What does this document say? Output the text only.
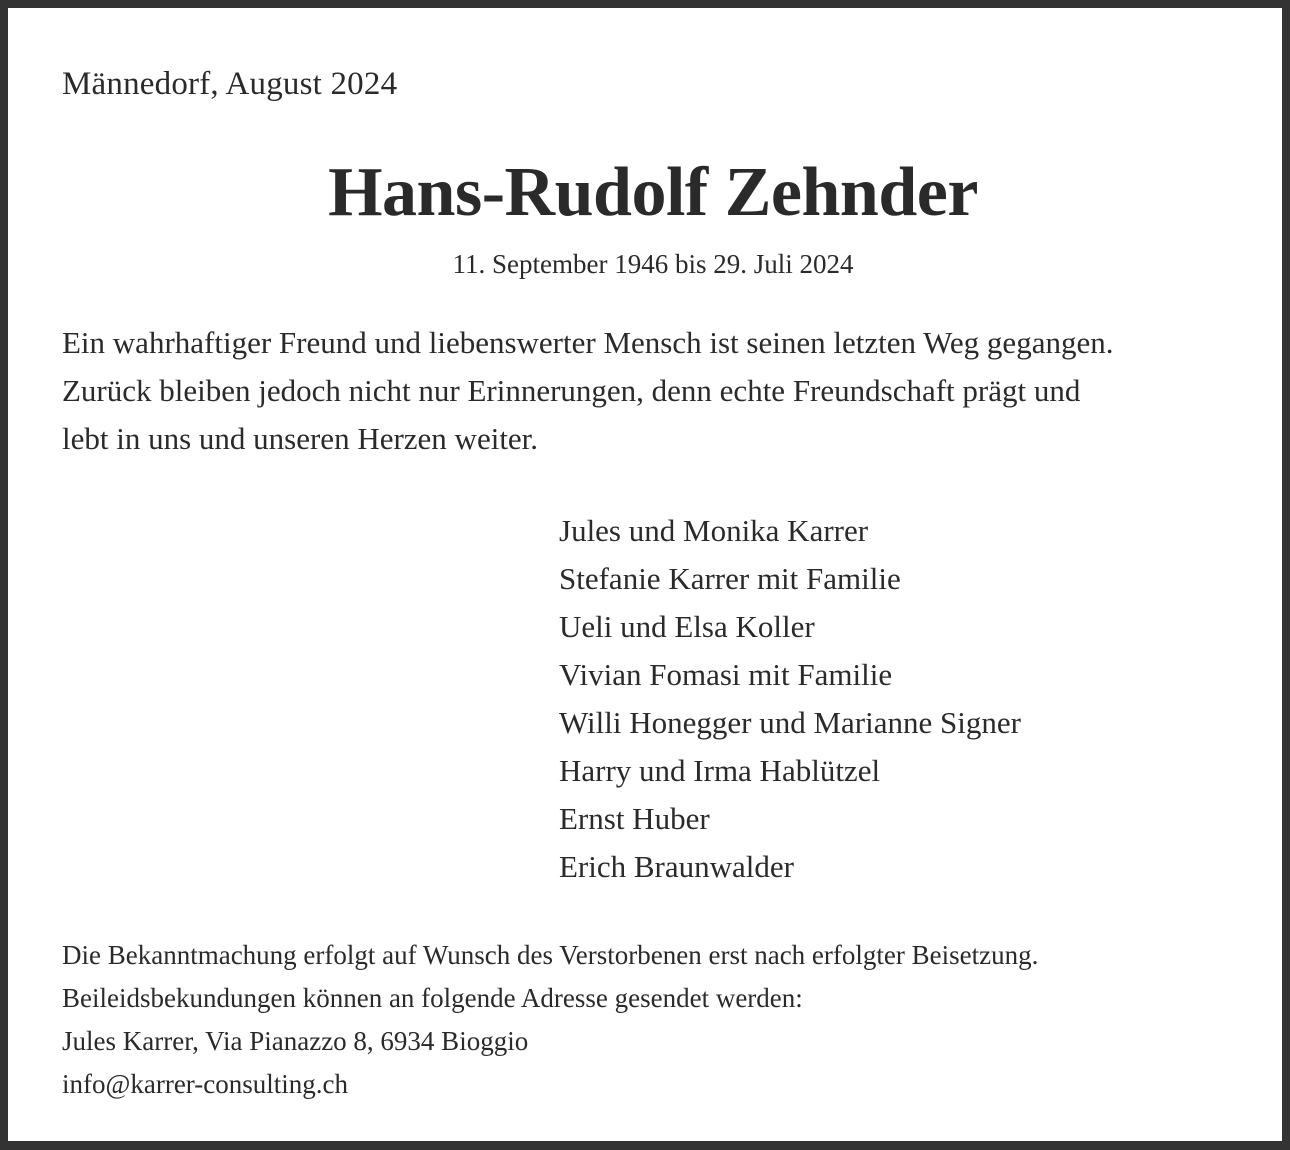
Männedorf, August 2024
Hans-Rudolf Zehnder
11. September 1946 bis 29. Juli 2024
Ein wahrhaftiger Freund und liebenswerter Mensch ist seinen letzten Weg gegangen.
Zurück bleiben jedoch nicht nur Erinnerungen, denn echte Freundschaft prägt und
lebt in uns und unseren Herzen weiter.
Jules und Monika Karrer
Stefanie Karrer mit Familie
Ueli und Elsa Koller
Vivian Fomasi mit Familie
Willi Honegger und Marianne Signer
Harry und Irma Hablützel
Ernst Huber
Erich Braunwalder
Die Bekanntmachung erfolgt auf Wunsch des Verstorbenen erst nach erfolgter Beisetzung.
Beileidsbekundungen können an folgende Adresse gesendet werden:
Jules Karrer, Via Pianazzo 8, 6934 Bioggio
info@karrer-consulting.ch
